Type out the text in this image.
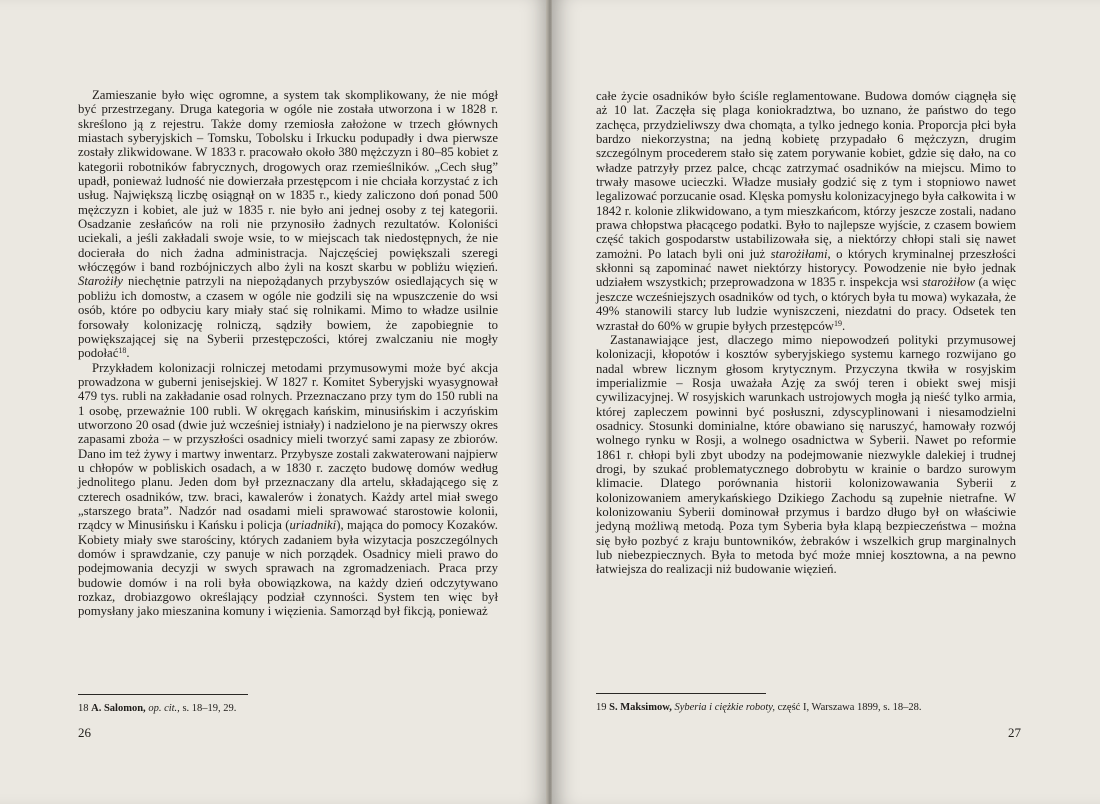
Zamieszanie było więc ogromne, a system tak skomplikowany, że nie mógł być przestrzegany. Druga kategoria w ogóle nie została utworzona i w 1828 r. skreślono ją z rejestru. Także domy rzemiosła założone w trzech głównych miastach syberyjskich – Tomsku, Tobolsku i Irkucku podupadły i dwa pierwsze zostały zlikwidowane. W 1833 r. pracowało około 380 mężczyzn i 80–85 kobiet z kategorii robotników fabrycznych, drogowych oraz rzemieślników. „Cech sług” upadł, ponieważ ludność nie dowierzała przestępcom i nie chciała korzystać z ich usług. Największą liczbę osiągnął on w 1835 r., kiedy zaliczono doń ponad 500 mężczyzn i kobiet, ale już w 1835 r. nie było ani jednej osoby z tej kategorii. Osadzanie zesłańców na roli nie przynosiło żadnych rezultatów. Koloniści uciekali, a jeśli zakładali swoje wsie, to w miejscach tak niedostępnych, że nie docierała do nich żadna administracja. Najczęściej powiększali szeregi włóczęgów i band rozbójniczych albo żyli na koszt skarbu w pobliżu więzień. Starożiły niechętnie patrzyli na niepożądanych przybyszów osiedlających się w pobliżu ich domostw, a czasem w ogóle nie godzili się na wpuszczenie do wsi osób, które po odbyciu kary miały stać się rolnikami. Mimo to władze usilnie forsowały kolonizację rolniczą, sądziły bowiem, że zapobiegnie to powiększającej się na Syberii przestępczości, której zwalczaniu nie mogły podołać$^{18}$.

Przykładem kolonizacji rolniczej metodami przymusowymi może być akcja prowadzona w guberni jenisejskiej. W 1827 r. Komitet Syberyjski wyasygnował 479 tys. rubli na zakładanie osad rolnych. Przeznaczano przy tym do 150 rubli na 1 osobę, przeważnie 100 rubli. W okręgach kańskim, minusińskim i aczyńskim utworzono 20 osad (dwie już wcześniej istniały) i nadzielono je na pierwszy okres zapasami zboża – w przyszłości osadnicy mieli tworzyć sami zapasy ze zbiorów. Dano im też żywy i martwy inwentarz. Przybysze zostali zakwaterowani najpierw u chłopów w pobliskich osadach, a w 1830 r. zaczęto budowę domów według jednolitego planu. Jeden dom był przeznaczany dla artelu, składającego się z czterech osadników, tzw. braci, kawalerów i żonatych. Każdy artel miał swego „starszego brata”. Nadzór nad osadami mieli sprawować starostowie kolonii, rządcy w Minusińsku i Kańsku i policja (uriadniki), mająca do pomocy Kozaków. Kobiety miały swe starościny, których zadaniem była wizytacja poszczególnych domów i sprawdzanie, czy panuje w nich porządek. Osadnicy mieli prawo do podejmowania decyzji w swych sprawach na zgromadzeniach. Praca przy budowie domów i na roli była obowiązkowa, na każdy dzień odczytywano rozkaz, drobiazgowo określający podział czynności. System ten więc był pomysłany jako mieszanina komuny i więzienia. Samorząd był fikcją, ponieważ

18 A. Salomon, op. cit., s. 18–19, 29.
26

całe życie osadników było ściśle reglamentowane. Budowa domów ciągnęła się aż 10 lat. Zaczęła się plaga koniokradztwa, bo uznano, że państwo do tego zachęca, przydzieliwszy dwa chomąta, a tylko jednego konia. Proporcja płci była bardzo niekorzystna; na jedną kobietę przypadało 6 mężczyzn, drugim szczególnym procederem stało się zatem porywanie kobiet, gdzie się dało, na co władze patrzyły przez palce, chcąc zatrzymać osadników na miejscu. Mimo to trwały masowe ucieczki. Władze musiały godzić się z tym i stopniowo nawet legalizować porzucanie osad. Klęska pomysłu kolonizacyjnego była całkowita i w 1842 r. kolonie zlikwidowano, a tym mieszkańcom, którzy jeszcze zostali, nadano prawa chłopstwa płacącego podatki. Było to najlepsze wyjście, z czasem bowiem część takich gospodarstw ustabilizowała się, a niektórzy chłopi stali się nawet zamożni. Po latach byli oni już starożiłami, o których kryminalnej przeszłości skłonni są zapominać nawet niektórzy historycy. Powodzenie nie było jednak udziałem wszystkich; przeprowadzona w 1835 r. inspekcja wsi starożiłow (a więc jeszcze wcześniejszych osadników od tych, o których była tu mowa) wykazała, że 49% stanowili starcy lub ludzie wyniszczeni, niezdatni do pracy. Odsetek ten wzrastał do 60% w grupie byłych przestępców$^{19}$.

Zastanawiające jest, dlaczego mimo niepowodzeń polityki przymusowej kolonizacji, kłopotów i kosztów syberyjskiego systemu karnego rozwijano go nadal wbrew licznym głosom krytycznym. Przyczyna tkwiła w rosyjskim imperializmie – Rosja uważała Azję za swój teren i obiekt swej misji cywilizacyjnej. W rosyjskich warunkach ustrojowych mogła ją nieść tylko armia, której zapleczem powinni być posłuszni, zdyscyplinowani i niesamodzielni osadnicy. Stosunki dominialne, które obawiano się naruszyć, hamowały rozwój wolnego rynku w Rosji, a wolnego osadnictwa w Syberii. Nawet po reformie 1861 r. chłopi byli zbyt ubodzy na podejmowanie niezwykle dalekiej i trudnej drogi, by szukać problematycznego dobrobytu w krainie o bardzo surowym klimacie. Dlatego porównania historii kolonizowawania Syberii z kolonizowaniem amerykańskiego Dzikiego Zachodu są zupełnie nietrafne. W kolonizowaniu Syberii dominował przymus i bardzo długo był on właściwie jedyną możliwą metodą. Poza tym Syberia była klapą bezpieczeństwa – można się było pozbyć z kraju buntowników, żebraków i wszelkich grup marginalnych lub niebezpiecznych. Była to metoda być może mniej kosztowna, a na pewno łatwiejsza do realizacji niż budowanie więzień.

19 S. Maksimow, Syberia i ciężkie roboty, część I, Warszawa 1899, s. 18–28.
27
